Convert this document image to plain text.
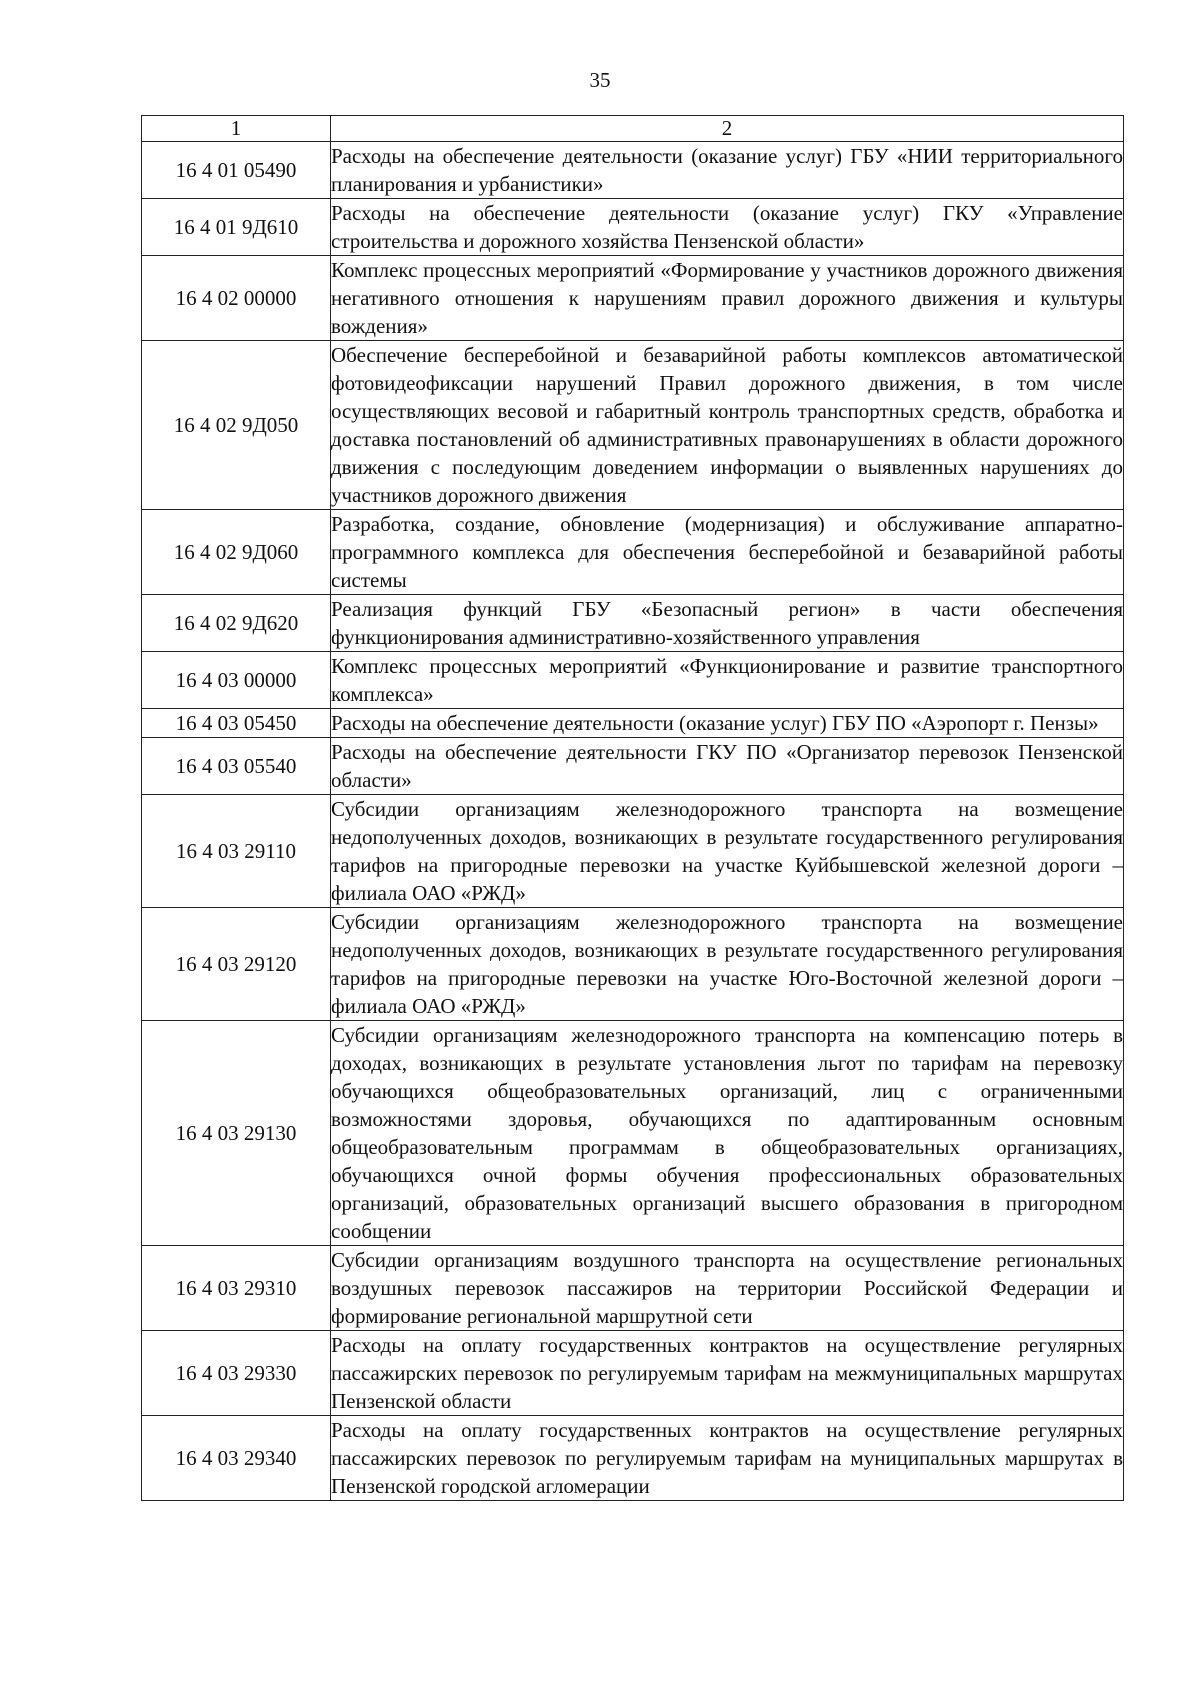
35
1	2
16 4 01 05490	Расходы на обеспечение деятельности (оказание услуг) ГБУ «НИИ территориального планирования и урбанистики»
16 4 01 9Д610	Расходы на обеспечение деятельности (оказание услуг) ГКУ «Управление строительства и дорожного хозяйства Пензенской области»
16 4 02 00000	Комплекс процессных мероприятий «Формирование у участников дорожного движения негативного отношения к нарушениям правил дорожного движения и культуры вождения»
16 4 02 9Д050	Обеспечение бесперебойной и безаварийной работы комплексов автоматической фотовидеофиксации нарушений Правил дорожного движения, в том числе осуществляющих весовой и габаритный контроль транспортных средств, обработка и доставка постановлений об административных правонарушениях в области дорожного движения с последующим доведением информации о выявленных нарушениях до участников дорожного движения
16 4 02 9Д060	Разработка, создание, обновление (модернизация) и обслуживание аппаратно-программного комплекса для обеспечения бесперебойной и безаварийной работы системы
16 4 02 9Д620	Реализация функций ГБУ «Безопасный регион» в части обеспечения функционирования административно-хозяйственного управления
16 4 03 00000	Комплекс процессных мероприятий «Функционирование и развитие транспортного комплекса»
16 4 03 05450	Расходы на обеспечение деятельности (оказание услуг) ГБУ ПО «Аэропорт г. Пензы»
16 4 03 05540	Расходы на обеспечение деятельности ГКУ ПО «Организатор перевозок Пензенской области»
16 4 03 29110	Субсидии организациям железнодорожного транспорта на возмещение недополученных доходов, возникающих в результате государственного регулирования тарифов на пригородные перевозки на участке Куйбышевской железной дороги – филиала ОАО «РЖД»
16 4 03 29120	Субсидии организациям железнодорожного транспорта на возмещение недополученных доходов, возникающих в результате государственного регулирования тарифов на пригородные перевозки на участке Юго-Восточной железной дороги – филиала ОАО «РЖД»
16 4 03 29130	Субсидии организациям железнодорожного транспорта на компенсацию потерь в доходах, возникающих в результате установления льгот по тарифам на перевозку обучающихся общеобразовательных организаций, лиц с ограниченными возможностями здоровья, обучающихся по адаптированным основным общеобразовательным программам в общеобразовательных организациях, обучающихся очной формы обучения профессиональных образовательных организаций, образовательных организаций высшего образования в пригородном сообщении
16 4 03 29310	Субсидии организациям воздушного транспорта на осуществление региональных воздушных перевозок пассажиров на территории Российской Федерации и формирование региональной маршрутной сети
16 4 03 29330	Расходы на оплату государственных контрактов на осуществление регулярных пассажирских перевозок по регулируемым тарифам на межмуниципальных маршрутах Пензенской области
16 4 03 29340	Расходы на оплату государственных контрактов на осуществление регулярных пассажирских перевозок по регулируемым тарифам на муниципальных маршрутах в Пензенской городской агломерации
